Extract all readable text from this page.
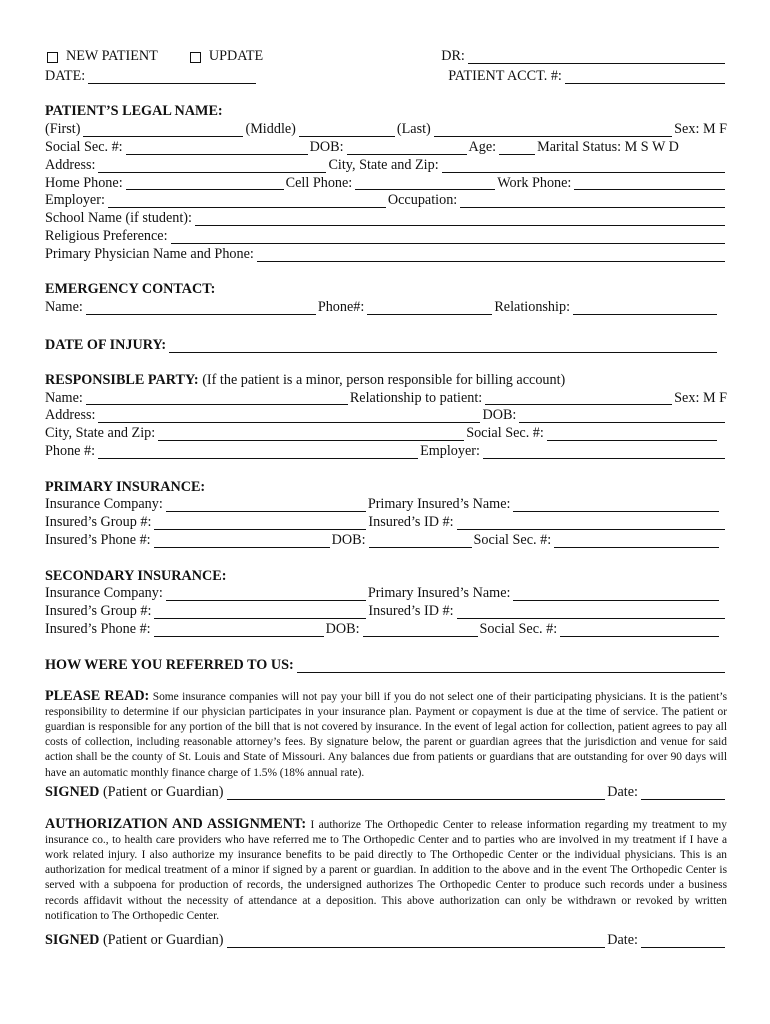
NEW PATIENT	UPDATE	DR:
DATE:	PATIENT ACCT. #:
PATIENT’S LEGAL NAME:
(First)	(Middle)	(Last)	Sex: M F
Social Sec. #:	DOB:	Age:	Marital Status: M S W D
Address:	City, State and Zip:
Home Phone:	Cell Phone:	Work Phone:
Employer:	Occupation:
School Name (if student):
Religious Preference:
Primary Physician Name and Phone:
EMERGENCY CONTACT:
Name:	Phone#:	Relationship:
DATE OF INJURY:
RESPONSIBLE PARTY: (If the patient is a minor, person responsible for billing account)
Name:	Relationship to patient:	Sex: M F
Address:	DOB:
City, State and Zip:	Social Sec. #:
Phone #:	Employer:
PRIMARY INSURANCE:
Insurance Company:	Primary Insured’s Name:
Insured’s Group #:	Insured’s ID #:
Insured’s Phone #:	DOB:	Social Sec. #:
SECONDARY INSURANCE:
Insurance Company:	Primary Insured’s Name:
Insured’s Group #:	Insured’s ID #:
Insured’s Phone #:	DOB:	Social Sec. #:
HOW WERE YOU REFERRED TO US:

PLEASE READ: Some insurance companies will not pay your bill if you do not select one of their participating physicians. It is the patient’s responsibility to determine if our physician participates in your insurance plan. Payment or copayment is due at the time of service. The patient or guardian is responsible for any portion of the bill that is not covered by insurance. In the event of legal action for collection, patient agrees to pay all costs of collection, including reasonable attorney’s fees. By signature below, the parent or guardian agrees that the jurisdiction and venue for said action shall be the county of St. Louis and State of Missouri. Any balances due from patients or guardians that are outstanding for over 90 days will have an automatic monthly finance charge of 1.5% (18% annual rate).

SIGNED (Patient or Guardian)	Date:

AUTHORIZATION AND ASSIGNMENT: I authorize The Orthopedic Center to release information regarding my treatment to my insurance co., to health care providers who have referred me to The Orthopedic Center and to parties who are involved in my treatment if I have a work related injury. I also authorize my insurance benefits to be paid directly to The Orthopedic Center or the individual physicians. This is an authorization for medical treatment of a minor if signed by a parent or guardian. In addition to the above and in the event The Orthopedic Center is served with a subpoena for production of records, the undersigned authorizes The Orthopedic Center to produce such records under a business records affidavit without the necessity of attendance at a deposition. This above authorization can only be withdrawn or revoked by written notification to The Orthopedic Center.

SIGNED (Patient or Guardian)	Date:
